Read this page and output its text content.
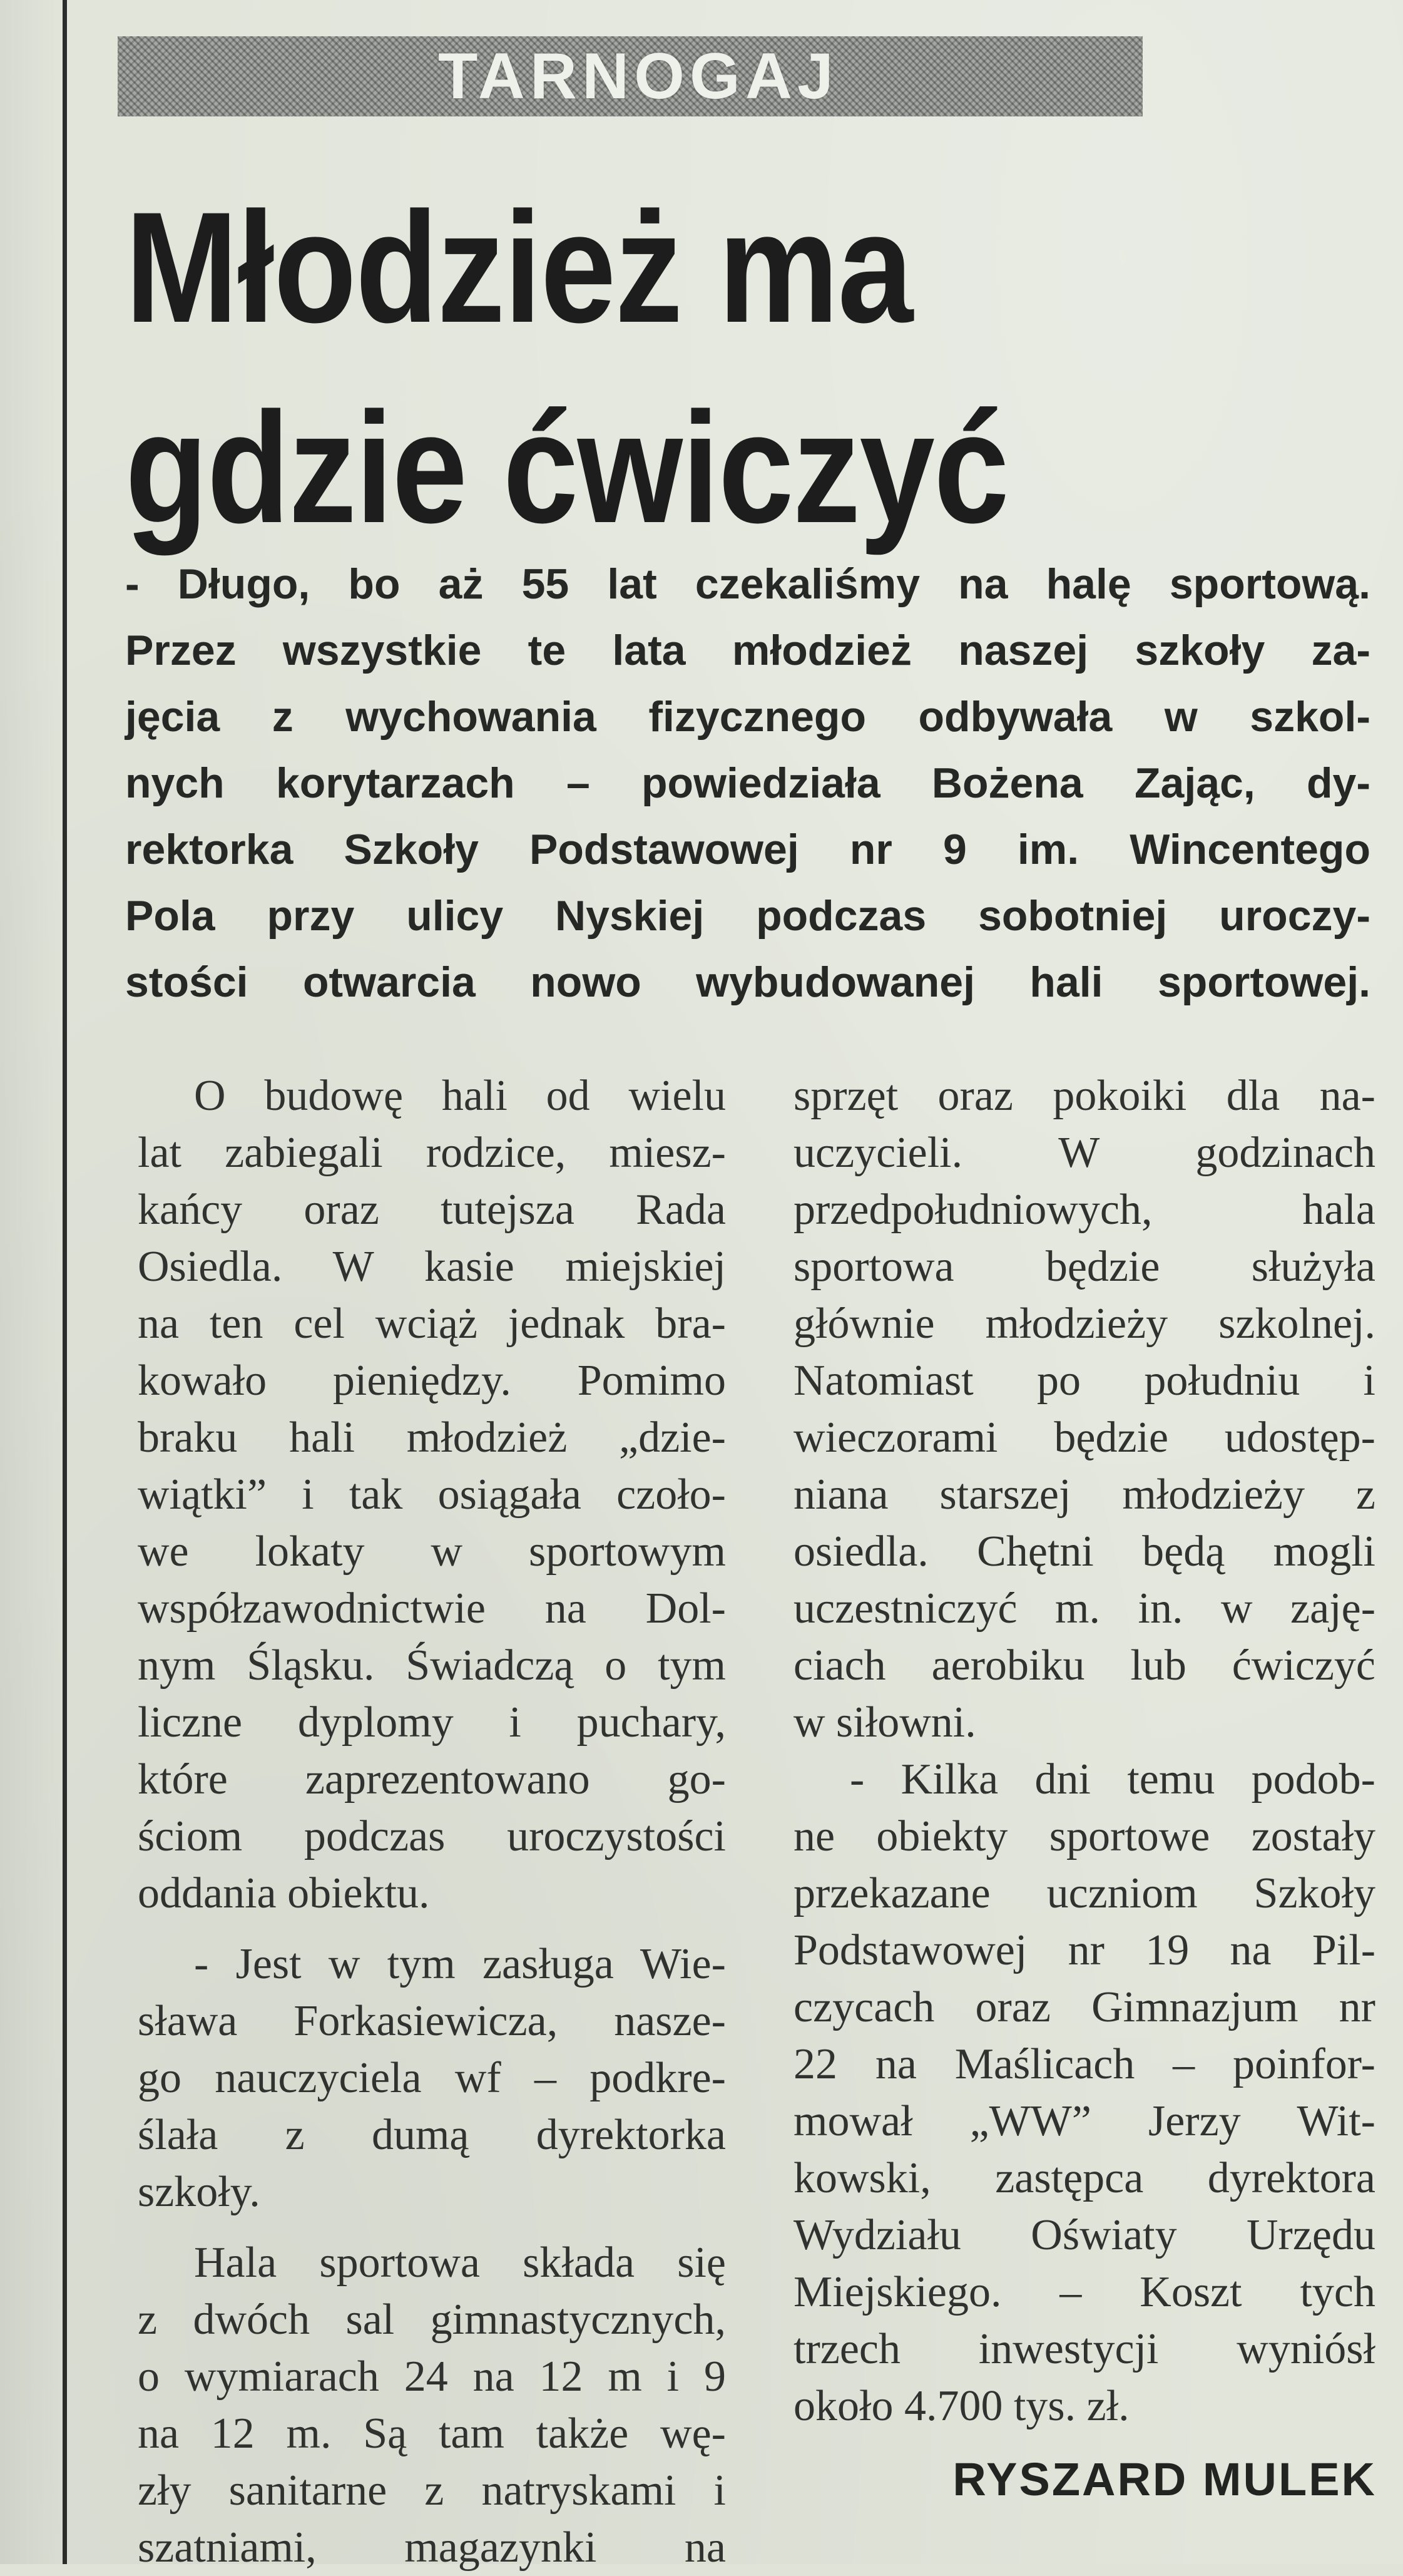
TARNOGAJ
Młodzież ma
gdzie ćwiczyć
- Długo, bo aż 55 lat czekaliśmy na halę sportową.
Przez wszystkie te lata młodzież naszej szkoły za-
jęcia z wychowania fizycznego odbywała w szkol-
nych korytarzach – powiedziała Bożena Zając, dy-
rektorka Szkoły Podstawowej nr 9 im. Wincentego
Pola przy ulicy Nyskiej podczas sobotniej uroczy-
stości otwarcia nowo wybudowanej hali sportowej.
O budowę hali od wielu
lat zabiegali rodzice, miesz-
kańcy oraz tutejsza Rada
Osiedla. W kasie miejskiej
na ten cel wciąż jednak bra-
kowało pieniędzy. Pomimo
braku hali młodzież „dzie-
wiątki” i tak osiągała czoło-
we lokaty w sportowym
współzawodnictwie na Dol-
nym Śląsku. Świadczą o tym
liczne dyplomy i puchary,
które zaprezentowano go-
ściom podczas uroczystości
oddania obiektu.
- Jest w tym zasługa Wie-
sława Forkasiewicza, nasze-
go nauczyciela wf – podkre-
ślała z dumą dyrektorka
szkoły.
Hala sportowa składa się
z dwóch sal gimnastycznych,
o wymiarach 24 na 12 m i 9
na 12 m. Są tam także wę-
zły sanitarne z natryskami i
szatniami, magazynki na
sprzęt oraz pokoiki dla na-
uczycieli. W godzinach
przedpołudniowych, hala
sportowa będzie służyła
głównie młodzieży szkolnej.
Natomiast po południu i
wieczorami będzie udostęp-
niana starszej młodzieży z
osiedla. Chętni będą mogli
uczestniczyć m. in. w zaję-
ciach aerobiku lub ćwiczyć
w siłowni.
- Kilka dni temu podob-
ne obiekty sportowe zostały
przekazane uczniom Szkoły
Podstawowej nr 19 na Pil-
czycach oraz Gimnazjum nr
22 na Maślicach – poinfor-
mował „WW” Jerzy Wit-
kowski, zastępca dyrektora
Wydziału Oświaty Urzędu
Miejskiego. – Koszt tych
trzech inwestycji wyniósł
około 4.700 tys. zł.
RYSZARD MULEK
